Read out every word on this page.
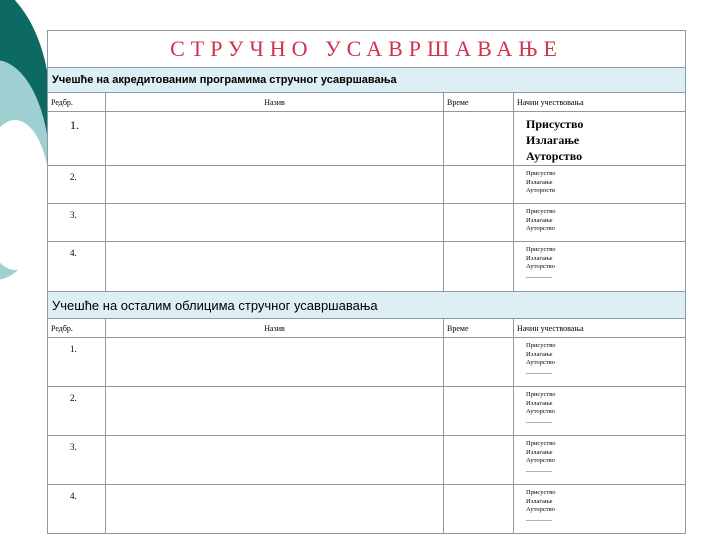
СТРУЧНО УСАВРШАВАЊЕ			
Учешће на акредитованим програмима стручног усавршавања			
Редбр.	Назив	Време	Начин учествовања
1.			Присуство
Излагање
Ауторство

2.			Присуство
Излагање
Аутороств

3.			Присуство
Излагање
Ауторство

4.			Присуство
Излагање
Ауторство
________

Учешће на осталим облицима стручног усавршавања			
Редбр.	Назив	Време	Начин учествовања
1.			Присуство
Излагање
Ауторство
________

2.			Присуство
Излагање
Ауторство
________

3.			Присуство
Излагање
Ауторство
________

4.			Присуство
Излагање
Ауторство
________
